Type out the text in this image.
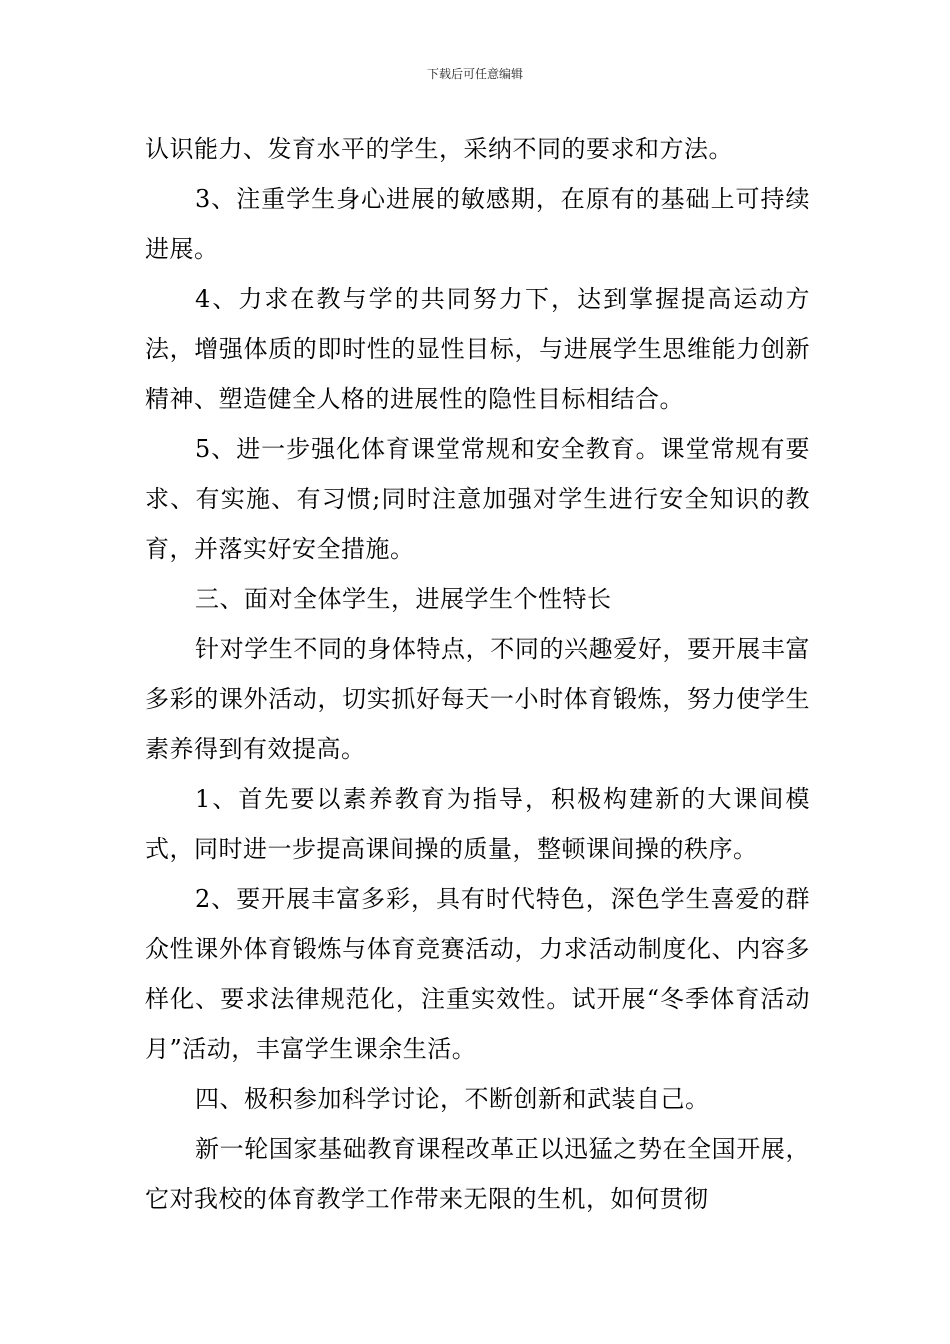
下载后可任意编辑

认识能力、发育水平的学生，采纳不同的要求和方法。

3、注重学生身心进展的敏感期，在原有的基础上可持续进展。

4、力求在教与学的共同努力下，达到掌握提高运动方法，增强体质的即时性的显性目标，与进展学生思维能力创新精神、塑造健全人格的进展性的隐性目标相结合。

5、进一步强化体育课堂常规和安全教育。课堂常规有要求、有实施、有习惯;同时注意加强对学生进行安全知识的教育，并落实好安全措施。

三、面对全体学生，进展学生个性特长

针对学生不同的身体特点，不同的兴趣爱好，要开展丰富多彩的课外活动，切实抓好每天一小时体育锻炼，努力使学生素养得到有效提高。

1、首先要以素养教育为指导，积极构建新的大课间模式，同时进一步提高课间操的质量，整顿课间操的秩序。

2、要开展丰富多彩，具有时代特色，深色学生喜爱的群众性课外体育锻炼与体育竞赛活动，力求活动制度化、内容多样化、要求法律规范化，注重实效性。试开展“冬季体育活动月”活动，丰富学生课余生活。

四、极积参加科学讨论，不断创新和武装自己。

新一轮国家基础教育课程改革正以迅猛之势在全国开展，它对我校的体育教学工作带来无限的生机，如何贯彻
